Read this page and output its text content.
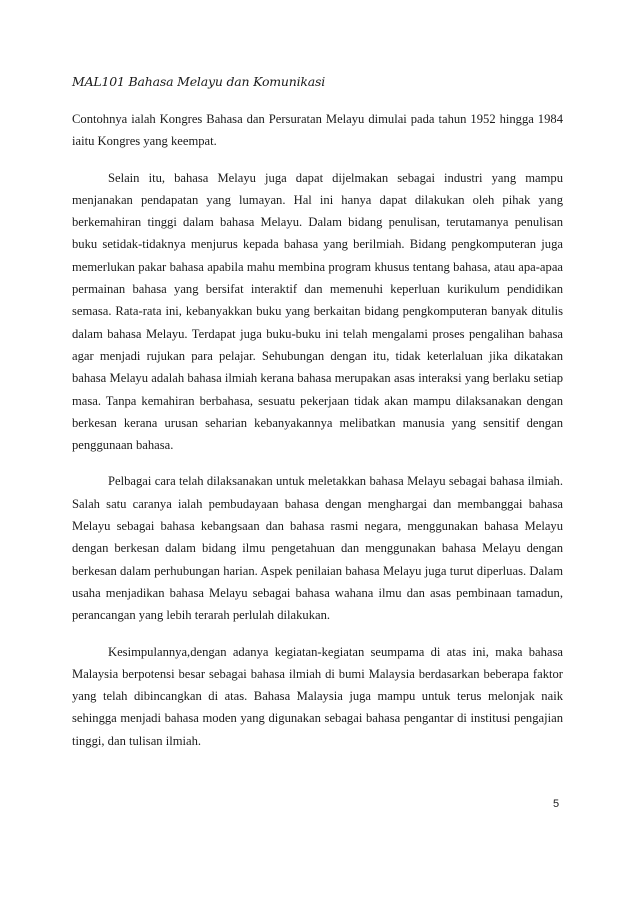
MAL101 Bahasa Melayu dan Komunikasi

Contohnya ialah Kongres Bahasa dan Persuratan Melayu dimulai pada tahun 1952 hingga 1984 iaitu Kongres yang keempat.

Selain itu, bahasa Melayu juga dapat dijelmakan sebagai industri yang mampu menjanakan pendapatan yang lumayan. Hal ini hanya dapat dilakukan oleh pihak yang berkemahiran tinggi dalam bahasa Melayu. Dalam bidang penulisan, terutamanya penulisan buku setidak-tidaknya menjurus kepada bahasa yang berilmiah. Bidang pengkomputeran juga memerlukan pakar bahasa apabila mahu membina program khusus tentang bahasa, atau apa-apaa permainan bahasa yang bersifat interaktif dan memenuhi keperluan kurikulum pendidikan semasa. Rata-rata ini, kebanyakkan buku yang berkaitan bidang pengkomputeran banyak ditulis dalam bahasa Melayu. Terdapat juga buku-buku ini telah mengalami proses pengalihan bahasa agar menjadi rujukan para pelajar. Sehubungan dengan itu, tidak keterlaluan jika dikatakan bahasa Melayu adalah bahasa ilmiah kerana bahasa merupakan asas interaksi yang berlaku setiap masa. Tanpa kemahiran berbahasa, sesuatu pekerjaan tidak akan mampu dilaksanakan dengan berkesan kerana urusan seharian kebanyakannya melibatkan manusia yang sensitif dengan penggunaan bahasa.

Pelbagai cara telah dilaksanakan untuk meletakkan bahasa Melayu sebagai bahasa ilmiah. Salah satu caranya ialah pembudayaan bahasa dengan menghargai dan membanggai bahasa Melayu sebagai bahasa kebangsaan dan bahasa rasmi negara, menggunakan bahasa Melayu dengan berkesan dalam bidang ilmu pengetahuan dan menggunakan bahasa Melayu dengan berkesan dalam perhubungan harian. Aspek penilaian bahasa Melayu juga turut diperluas. Dalam usaha menjadikan bahasa Melayu sebagai bahasa wahana ilmu dan asas pembinaan tamadun, perancangan yang lebih terarah perlulah dilakukan.

Kesimpulannya,dengan adanya kegiatan-kegiatan seumpama di atas ini, maka bahasa Malaysia berpotensi besar sebagai bahasa ilmiah di bumi Malaysia berdasarkan beberapa faktor yang telah dibincangkan di atas. Bahasa Malaysia juga mampu untuk terus melonjak naik sehingga menjadi bahasa moden yang digunakan sebagai bahasa pengantar di institusi pengajian tinggi, dan tulisan ilmiah.

5
